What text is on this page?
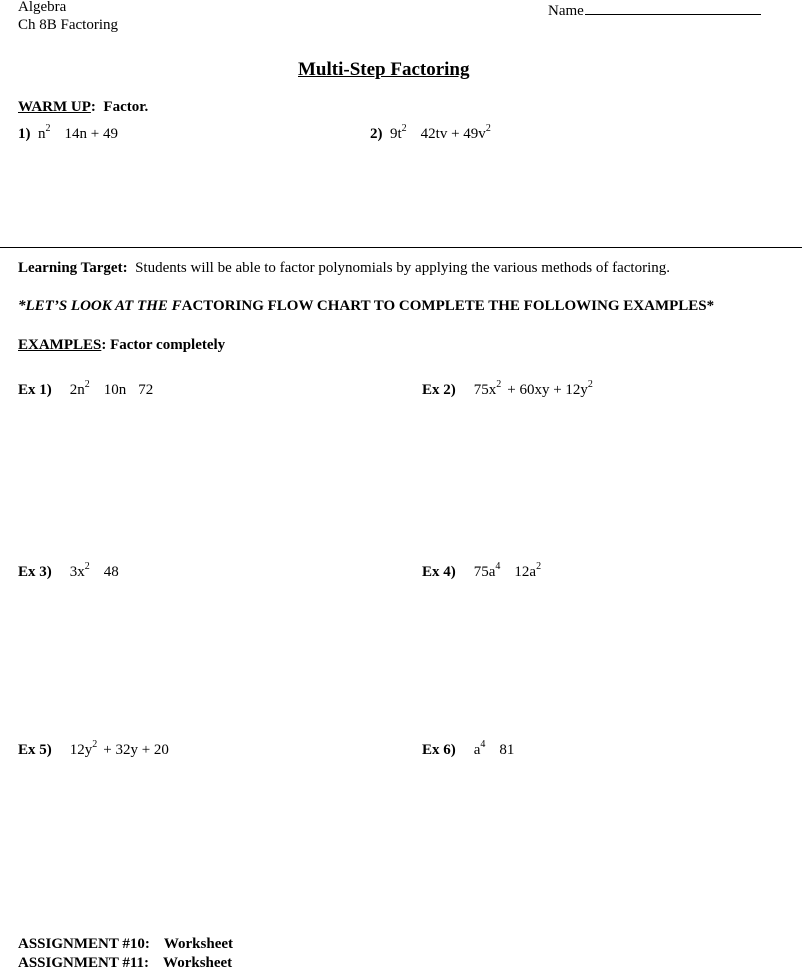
Algebra
Ch 8B Factoring
Name
Multi-Step Factoring
WARM UP:  Factor.
1) $n^2$ 14n + 49	2) $9t^2$ $42tv + 49v^2$
Learning Target: Students will be able to factor polynomials by applying the various methods of factoring.
*LET’S LOOK AT THE FACTORING FLOW CHART TO COMPLETE THE FOLLOWING EXAMPLES*
EXAMPLES: Factor completely
Ex 1) $2n^2$ 10n 72	Ex 2) $75x^2 + 60xy + 12y^2$
Ex 3) $3x^2$ 48	Ex 4) $75a^4$ $12a^2$
Ex 5) $12y^2 + 32y + 20$	Ex 6) $a^4$ 81
ASSIGNMENT #10: Worksheet
ASSIGNMENT #11: Worksheet
